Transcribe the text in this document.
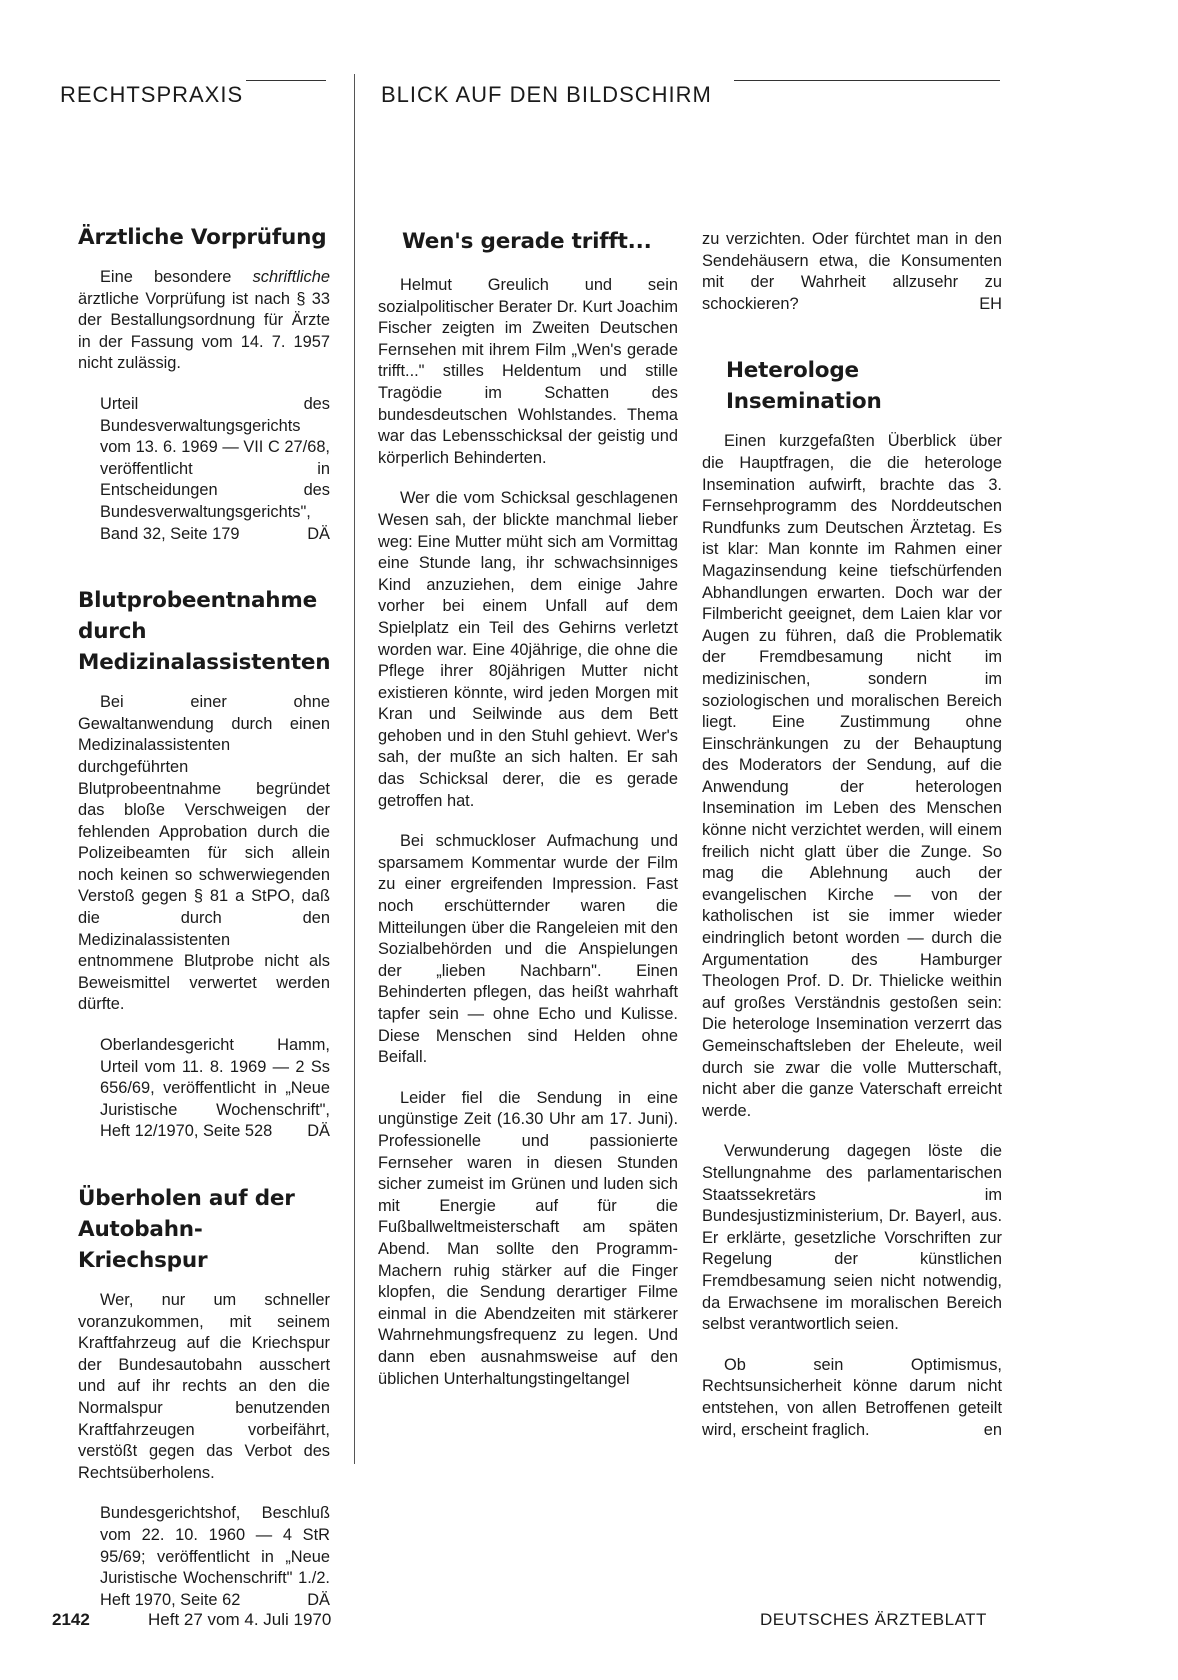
RECHTSPRAXIS	BLICK AUF DEN BILDSCHIRM
Ärztliche Vorprüfung

Eine besondere schriftliche ärztliche Vorprüfung ist nach § 33 der Bestallungsordnung für Ärzte in der Fassung vom 14. 7. 1957 nicht zulässig.

Urteil des Bundesverwaltungsgerichts vom 13. 6. 1969 — VII C 27/68, veröffentlicht in Entscheidungen des Bundesverwaltungsgerichts", Band 32, Seite 179	DÄ

Blutprobeentnahme
durch
Medizinalassistenten

Bei einer ohne Gewaltanwendung durch einen Medizinalassistenten durchgeführten Blutprobeentnahme begründet das bloße Verschweigen der fehlenden Approbation durch die Polizeibeamten für sich allein noch keinen so schwerwiegenden Verstoß gegen § 81 a StPO, daß die durch den Medizinalassistenten entnommene Blutprobe nicht als Beweismittel verwertet werden dürfte.

Oberlandesgericht Hamm, Urteil vom 11. 8. 1969 — 2 Ss 656/69, veröffentlicht in „Neue Juristische Wochenschrift", Heft 12/1970, Seite 528 DÄ

Überholen auf der
Autobahn-Kriechspur

Wer, nur um schneller voranzukommen, mit seinem Kraftfahrzeug auf die Kriechspur der Bundesautobahn ausschert und auf ihr rechts an den die Normalspur benutzenden Kraftfahrzeugen vorbeifährt, verstößt gegen das Verbot des Rechtsüberholens.

Bundesgerichtshof, Beschluß vom 22. 10. 1960 — 4 StR 95/69; veröffentlicht in „Neue Juristische Wochenschrift" 1./2. Heft 1970, Seite 62	DÄ

Wen's gerade trifft...

Helmut Greulich und sein sozialpolitischer Berater Dr. Kurt Joachim Fischer zeigten im Zweiten Deutschen Fernsehen mit ihrem Film „Wen's gerade trifft..." stilles Heldentum und stille Tragödie im Schatten des bundesdeutschen Wohlstandes. Thema war das Lebensschicksal der geistig und körperlich Behinderten.

Wer die vom Schicksal geschlagenen Wesen sah, der blickte manchmal lieber weg: Eine Mutter müht sich am Vormittag eine Stunde lang, ihr schwachsinniges Kind anzuziehen, dem einige Jahre vorher bei einem Unfall auf dem Spielplatz ein Teil des Gehirns verletzt worden war. Eine 40jährige, die ohne die Pflege ihrer 80jährigen Mutter nicht existieren könnte, wird jeden Morgen mit Kran und Seilwinde aus dem Bett gehoben und in den Stuhl gehievt. Wer's sah, der mußte an sich halten. Er sah das Schicksal derer, die es gerade getroffen hat.

Bei schmuckloser Aufmachung und sparsamem Kommentar wurde der Film zu einer ergreifenden Impression. Fast noch erschütternder waren die Mitteilungen über die Rangeleien mit den Sozialbehörden und die Anspielungen der „lieben Nachbarn". Einen Behinderten pflegen, das heißt wahrhaft tapfer sein — ohne Echo und Kulisse. Diese Menschen sind Helden ohne Beifall.

Leider fiel die Sendung in eine ungünstige Zeit (16.30 Uhr am 17. Juni). Professionelle und passionierte Fernseher waren in diesen Stunden sicher zumeist im Grünen und luden sich mit Energie auf für die Fußballweltmeisterschaft am späten Abend. Man sollte den Programm-Machern ruhig stärker auf die Finger klopfen, die Sendung derartiger Filme einmal in die Abendzeiten mit stärkerer Wahrnehmungsfrequenz zu legen. Und dann eben ausnahmsweise auf den üblichen Unterhaltungstingeltangel

zu verzichten. Oder fürchtet man in den Sendehäusern etwa, die Konsumenten mit der Wahrheit allzusehr zu schockieren?	EH

Heterologe Insemination

Einen kurzgefaßten Überblick über die Hauptfragen, die die heterologe Insemination aufwirft, brachte das 3. Fernsehprogramm des Norddeutschen Rundfunks zum Deutschen Ärztetag. Es ist klar: Man konnte im Rahmen einer Magazinsendung keine tiefschürfenden Abhandlungen erwarten. Doch war der Filmbericht geeignet, dem Laien klar vor Augen zu führen, daß die Problematik der Fremdbesamung nicht im medizinischen, sondern im soziologischen und moralischen Bereich liegt. Eine Zustimmung ohne Einschränkungen zu der Behauptung des Moderators der Sendung, auf die Anwendung der heterologen Insemination im Leben des Menschen könne nicht verzichtet werden, will einem freilich nicht glatt über die Zunge. So mag die Ablehnung auch der evangelischen Kirche — von der katholischen ist sie immer wieder eindringlich betont worden — durch die Argumentation des Hamburger Theologen Prof. D. Dr. Thielicke weithin auf großes Verständnis gestoßen sein: Die heterologe Insemination verzerrt das Gemeinschaftsleben der Eheleute, weil durch sie zwar die volle Mutterschaft, nicht aber die ganze Vaterschaft erreicht werde.

Verwunderung dagegen löste die Stellungnahme des parlamentarischen Staatssekretärs im Bundesjustizministerium, Dr. Bayerl, aus. Er erklärte, gesetzliche Vorschriften zur Regelung der künstlichen Fremdbesamung seien nicht notwendig, da Erwachsene im moralischen Bereich selbst verantwortlich seien.

Ob sein Optimismus, Rechtsunsicherheit könne darum nicht entstehen, von allen Betroffenen geteilt wird, erscheint fraglich.	en

2142	Heft 27 vom 4. Juli 1970	DEUTSCHES ÄRZTEBLATT
